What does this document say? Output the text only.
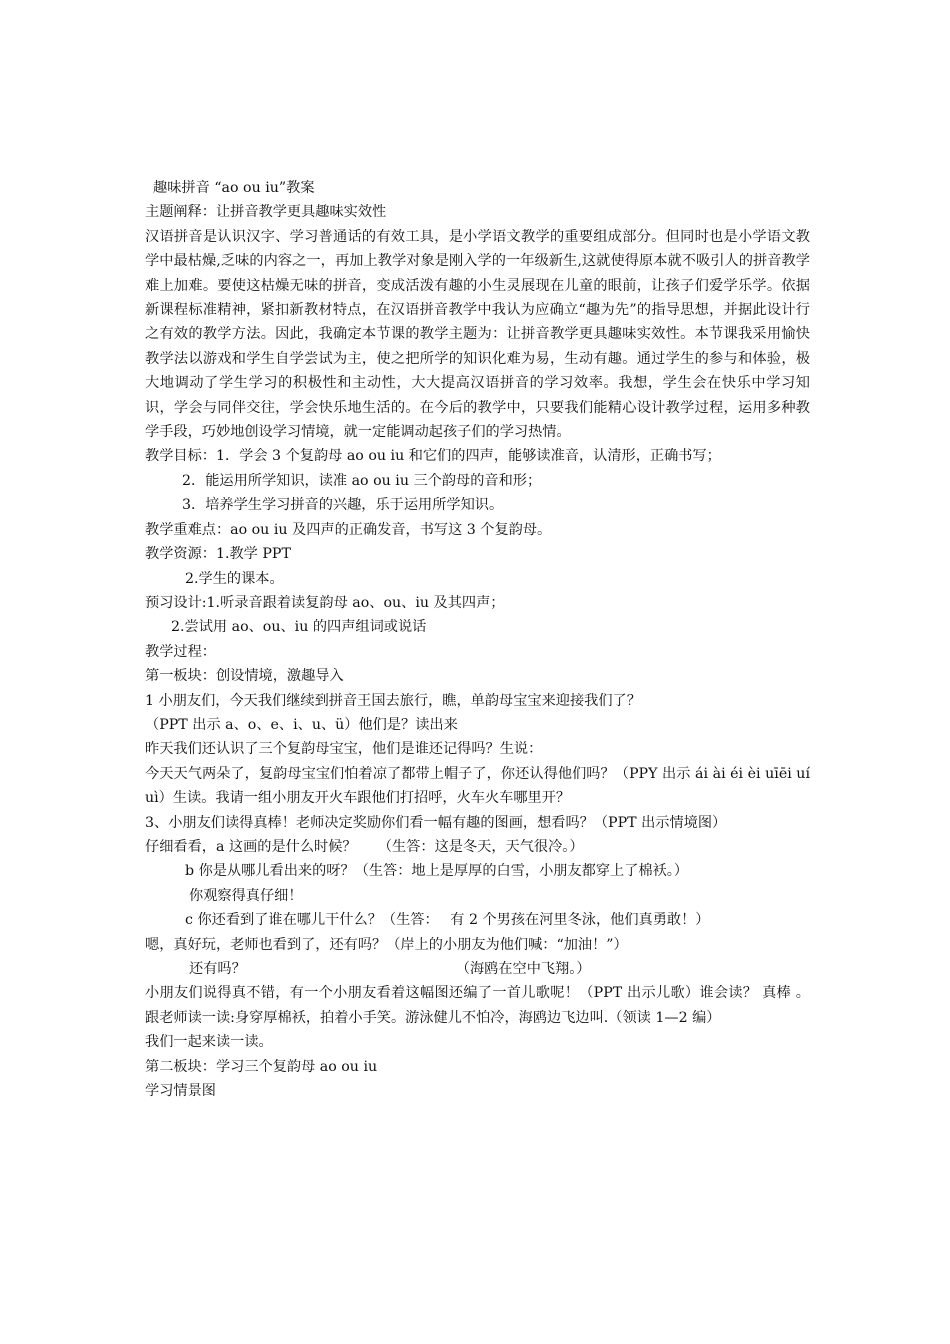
趣味拼音 “ao ou iu”教案

主题阐释：让拼音教学更具趣味实效性

汉语拼音是认识汉字、学习普通话的有效工具，是小学语文教学的重要组成部分。但同时也是小学语文教学中最枯燥,乏味的内容之一，再加上教学对象是刚入学的一年级新生,这就使得原本就不吸引人的拼音教学难上加难。要使这枯燥无味的拼音，变成活泼有趣的小生灵展现在儿童的眼前，让孩子们爱学乐学。依据新课程标准精神，紧扣新教材特点，在汉语拼音教学中我认为应确立“趣为先”的指导思想，并据此设计行之有效的教学方法。因此，我确定本节课的教学主题为：让拼音教学更具趣味实效性。本节课我采用愉快教学法以游戏和学生自学尝试为主，使之把所学的知识化难为易，生动有趣。通过学生的参与和体验，极大地调动了学生学习的积极性和主动性，大大提高汉语拼音的学习效率。我想，学生会在快乐中学习知识，学会与同伴交往，学会快乐地生活的。在今后的教学中，只要我们能精心设计教学过程，运用多种教学手段，巧妙地创设学习情境，就一定能调动起孩子们的学习热情。

教学目标：1．学会 3 个复韵母 ao ou iu 和它们的四声，能够读准音，认清形，正确书写；

2．能运用所学知识，读准 ao ou iu 三个韵母的音和形；

3．培养学生学习拼音的兴趣，乐于运用所学知识。

教学重难点：ao ou iu 及四声的正确发音，书写这 3 个复韵母。

教学资源：1.教学 PPT

2.学生的课本。

预习设计:1.听录音跟着读复韵母 ao、ou、iu 及其四声；

2.尝试用 ao、ou、iu 的四声组词或说话

教学过程：

第一板块：创设情境，激趣导入

1 小朋友们，今天我们继续到拼音王国去旅行，瞧，单韵母宝宝来迎接我们了？

（PPT 出示 a、o、e、i、u、ü）他们是？读出来

昨天我们还认识了三个复韵母宝宝，他们是谁还记得吗？生说：

今天天气两朵了，复韵母宝宝们怕着凉了都带上帽子了，你还认得他们吗？（PPY 出示 ái ài éi èi uīēi uí uì）生读。我请一组小朋友开火车跟他们打招呼，火车火车哪里开？

3、小朋友们读得真棒！老师决定奖励你们看一幅有趣的图画，想看吗？（PPT 出示情境图）

仔细看看，a 这画的是什么时候？　　（生答：这是冬天，天气很冷。）

b 你是从哪儿看出来的呀？（生答：地上是厚厚的白雪，小朋友都穿上了棉袄。）

你观察得真仔细！

c 你还看到了谁在哪儿干什么？（生答：　 有 2 个男孩在河里冬泳，他们真勇敢！）

嗯，真好玩，老师也看到了，还有吗？（岸上的小朋友为他们喊：“加油！”）

还有吗？	（海鸥在空中飞翔。）

小朋友们说得真不错，有一个小朋友看着这幅图还编了一首儿歌呢！（PPT 出示儿歌）谁会读？ 真棒 。跟老师读一读:身穿厚棉袄，拍着小手笑。游泳健儿不怕冷，海鸥边飞边叫.（领读 1—2 编）

我们一起来读一读。

第二板块：学习三个复韵母 ao ou iu

学习情景图
